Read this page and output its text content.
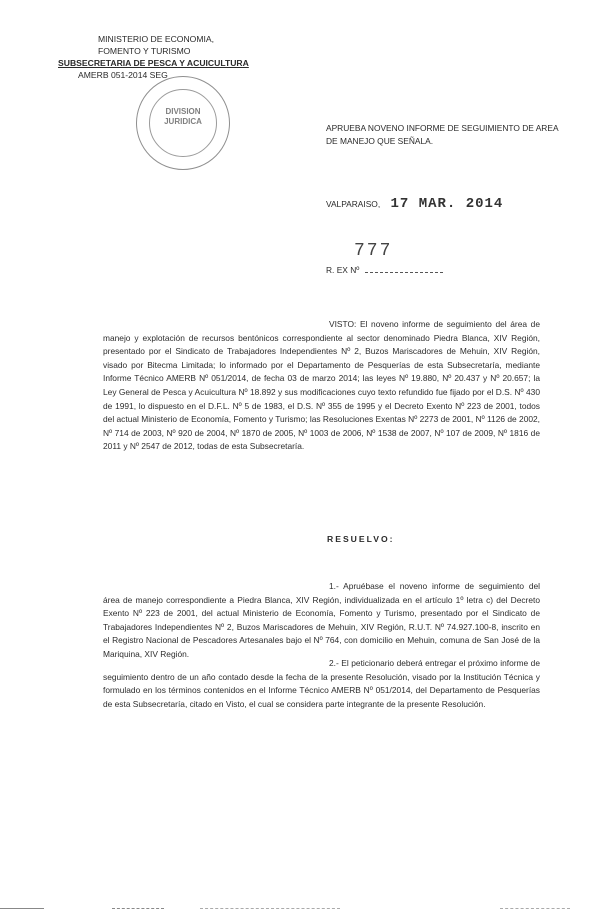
MINISTERIO DE ECONOMIA,
FOMENTO Y TURISMO
SUBSECRETARIA DE PESCA Y ACUICULTURA
AMERB 051-2014 SEG
DIVISION
JURIDICA
APRUEBA NOVENO INFORME DE SEGUIMIENTO DE AREA DE MANEJO QUE SEÑALA.
VALPARAISO, 17 MAR. 2014
777
R. EX Nº
VISTO: El noveno informe de seguimiento del área de manejo y explotación de recursos bentónicos correspondiente al sector denominado Piedra Blanca, XIV Región, presentado por el Sindicato de Trabajadores Independientes Nº 2, Buzos Mariscadores de Mehuin, XIV Región, visado por Bitecma Limitada; lo informado por el Departamento de Pesquerías de esta Subsecretaría, mediante Informe Técnico AMERB Nº 051/2014, de fecha 03 de marzo 2014; las leyes Nº 19.880, Nº 20.437 y Nº 20.657; la Ley General de Pesca y Acuicultura Nº 18.892 y sus modificaciones cuyo texto refundido fue fijado por el D.S. Nº 430 de 1991, lo dispuesto en el D.F.L. Nº 5 de 1983, el D.S. Nº 355 de 1995 y el Decreto Exento Nº 223 de 2001, todos del actual Ministerio de Economía, Fomento y Turismo; las Resoluciones Exentas Nº 2273 de 2001, Nº 1126 de 2002, Nº 714 de 2003, Nº 920 de 2004, Nº 1870 de 2005, Nº 1003 de 2006, Nº 1538 de 2007, Nº 107 de 2009, Nº 1816 de 2011 y Nº 2547 de 2012, todas de esta Subsecretaría.
RESUELVO:
1.- Apruébase el noveno informe de seguimiento del área de manejo correspondiente a Piedra Blanca, XIV Región, individualizada en el artículo 1º letra c) del Decreto Exento Nº 223 de 2001, del actual Ministerio de Economía, Fomento y Turismo, presentado por el Sindicato de Trabajadores Independientes Nº 2, Buzos Mariscadores de Mehuin, XIV Región, R.U.T. Nº 74.927.100-8, inscrito en el Registro Nacional de Pescadores Artesanales bajo el Nº 764, con domicilio en Mehuin, comuna de San José de la Mariquina, XIV Región.
2.- El peticionario deberá entregar el próximo informe de seguimiento dentro de un año contado desde la fecha de la presente Resolución, visado por la Institución Técnica y formulado en los términos contenidos en el Informe Técnico AMERB Nº 051/2014, del Departamento de Pesquerías de esta Subsecretaría, citado en Visto, el cual se considera parte integrante de la presente Resolución.
